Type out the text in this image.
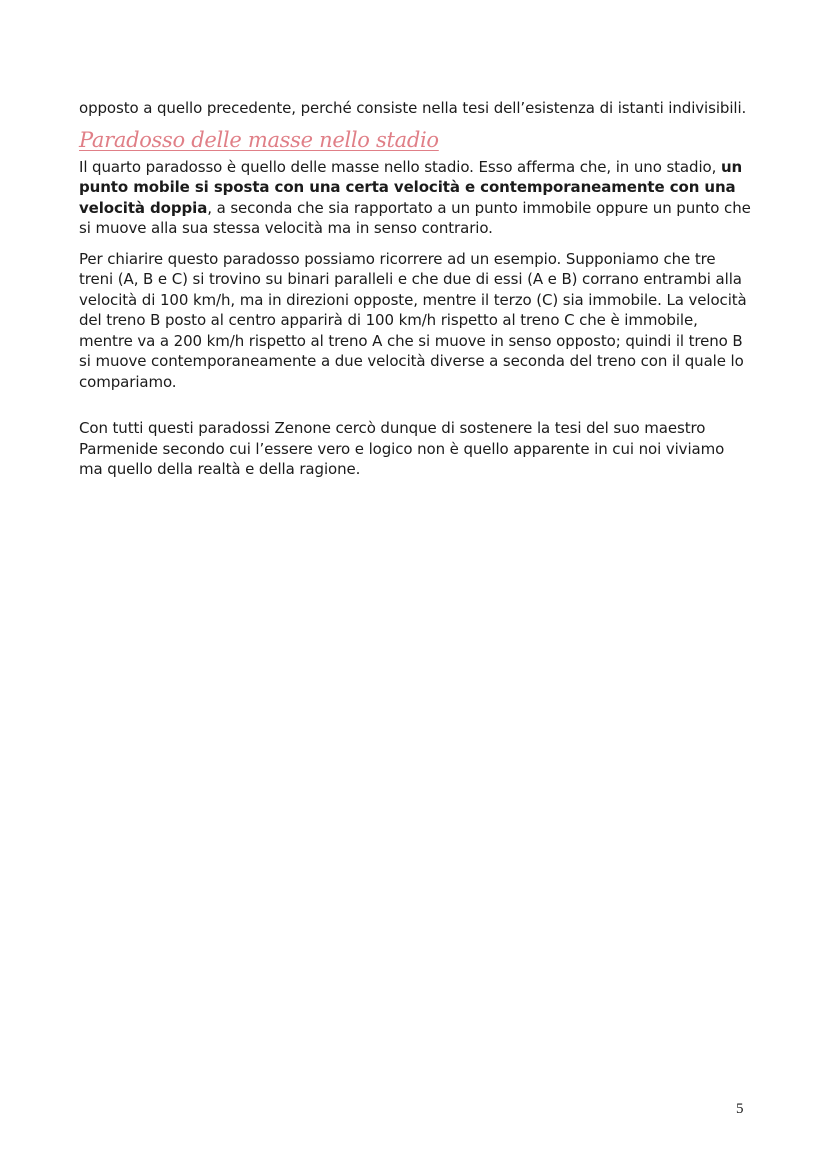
opposto a quello precedente, perché consiste nella tesi dell’esistenza di istanti indivisibili.

Paradosso delle masse nello stadio

Il quarto paradosso è quello delle masse nello stadio. Esso afferma che, in uno stadio, un punto mobile si sposta con una certa velocità e contemporaneamente con una velocità doppia, a seconda che sia rapportato a un punto immobile oppure un punto che si muove alla sua stessa velocità ma in senso contrario.

Per chiarire questo paradosso possiamo ricorrere ad un esempio. Supponiamo che tre treni (A, B e C) si trovino su binari paralleli e che due di essi (A e B) corrano entrambi alla velocità di 100 km/h, ma in direzioni opposte, mentre il terzo (C) sia immobile. La velocità del treno B posto al centro apparirà di 100 km/h rispetto al treno C che è immobile, mentre va a 200 km/h rispetto al treno A che si muove in senso opposto; quindi il treno B si muove contemporaneamente a due velocità diverse a seconda del treno con il quale lo compariamo.

Con tutti questi paradossi Zenone cercò dunque di sostenere la tesi del suo maestro Parmenide secondo cui l’essere vero e logico non è quello apparente in cui noi viviamo ma quello della realtà e della ragione.

5
